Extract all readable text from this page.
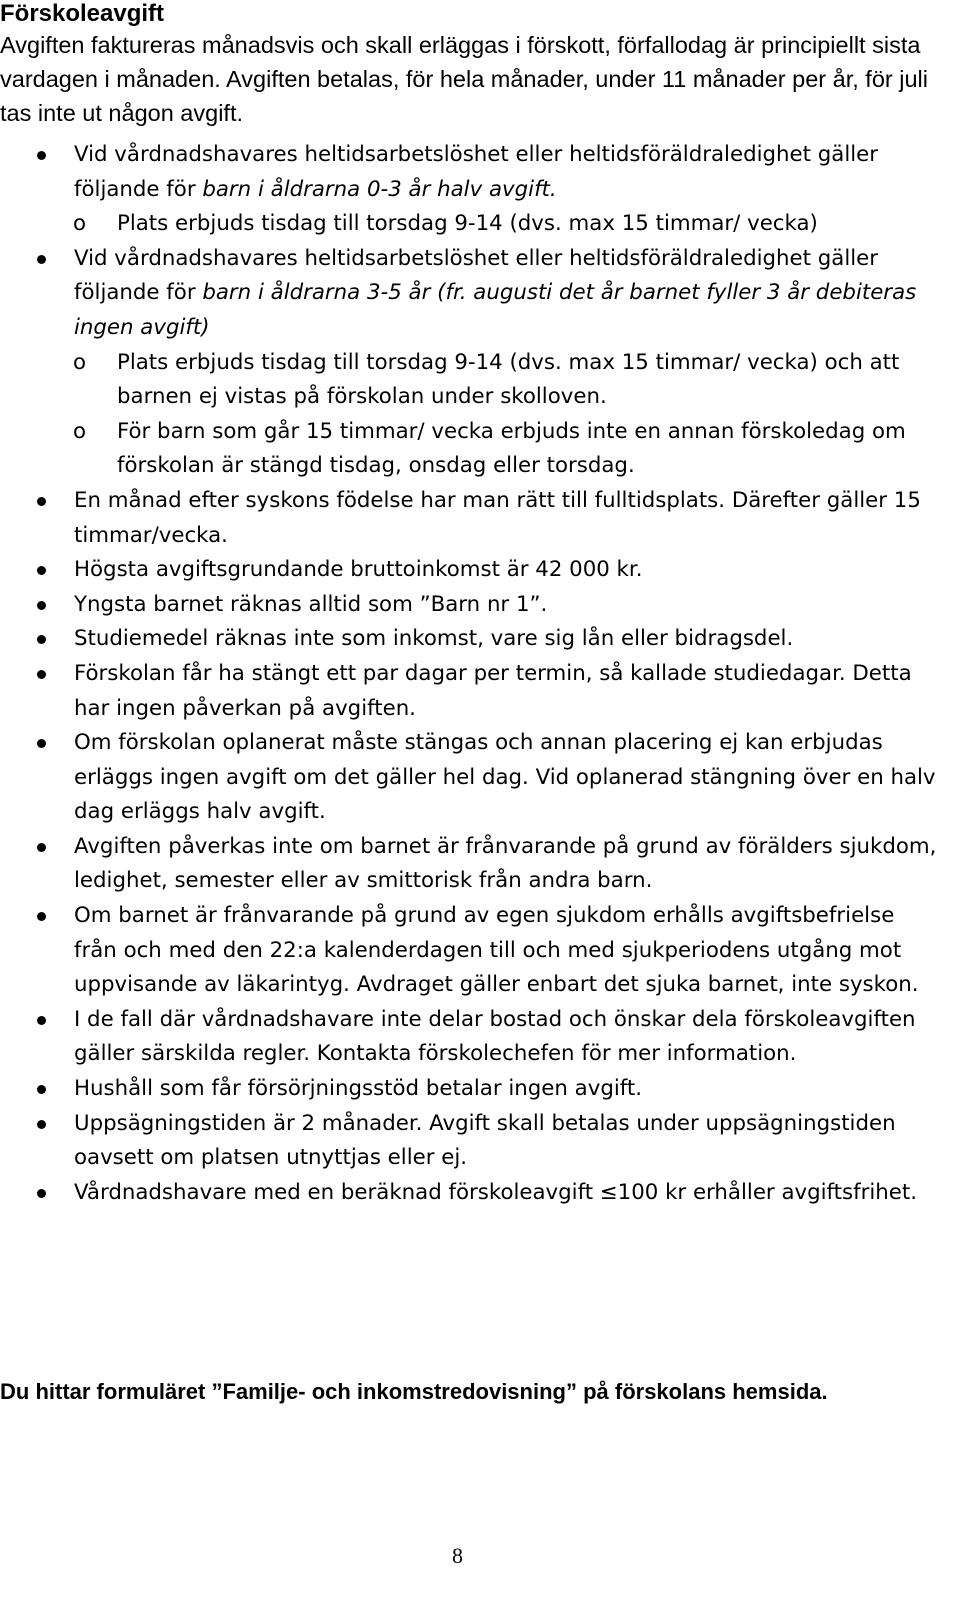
Förskoleavgift
Avgiften faktureras månadsvis och skall erläggas i förskott, förfallodag är principiellt sista vardagen i månaden. Avgiften betalas, för hela månader, under 11 månader per år, för juli tas inte ut någon avgift.
Vid vårdnadshavares heltidsarbetslöshet eller heltidsföräldraledighet gäller följande för barn i åldrarna 0-3 år halv avgift.
o Plats erbjuds tisdag till torsdag 9-14 (dvs. max 15 timmar/ vecka)
Vid vårdnadshavares heltidsarbetslöshet eller heltidsföräldraledighet gäller följande för barn i åldrarna 3-5 år (fr. augusti det år barnet fyller 3 år debiteras ingen avgift)
o Plats erbjuds tisdag till torsdag 9-14 (dvs. max 15 timmar/ vecka) och att barnen ej vistas på förskolan under skolloven.
o För barn som går 15 timmar/ vecka erbjuds inte en annan förskoledag om förskolan är stängd tisdag, onsdag eller torsdag.
En månad efter syskons födelse har man rätt till fulltidsplats. Därefter gäller 15 timmar/vecka.
Högsta avgiftsgrundande bruttoinkomst är 42 000 kr.
Yngsta barnet räknas alltid som ”Barn nr 1”.
Studiemedel räknas inte som inkomst, vare sig lån eller bidragsdel.
Förskolan får ha stängt ett par dagar per termin, så kallade studiedagar. Detta har ingen påverkan på avgiften.
Om förskolan oplanerat måste stängas och annan placering ej kan erbjudas erläggs ingen avgift om det gäller hel dag. Vid oplanerad stängning över en halv dag erläggs halv avgift.
Avgiften påverkas inte om barnet är frånvarande på grund av förälders sjukdom, ledighet, semester eller av smittorisk från andra barn.
Om barnet är frånvarande på grund av egen sjukdom erhålls avgiftsbefrielse från och med den 22:a kalenderdagen till och med sjukperiodens utgång mot uppvisande av läkarintyg. Avdraget gäller enbart det sjuka barnet, inte syskon.
I de fall där vårdnadshavare inte delar bostad och önskar dela förskoleavgiften gäller särskilda regler. Kontakta förskolechefen för mer information.
Hushåll som får försörjningsstöd betalar ingen avgift.
Uppsägningstiden är 2 månader. Avgift skall betalas under uppsägningstiden oavsett om platsen utnyttjas eller ej.
Vårdnadshavare med en beräknad förskoleavgift ≤100 kr erhåller avgiftsfrihet.
Du hittar formuläret ”Familje- och inkomstredovisning” på förskolans hemsida.
8
